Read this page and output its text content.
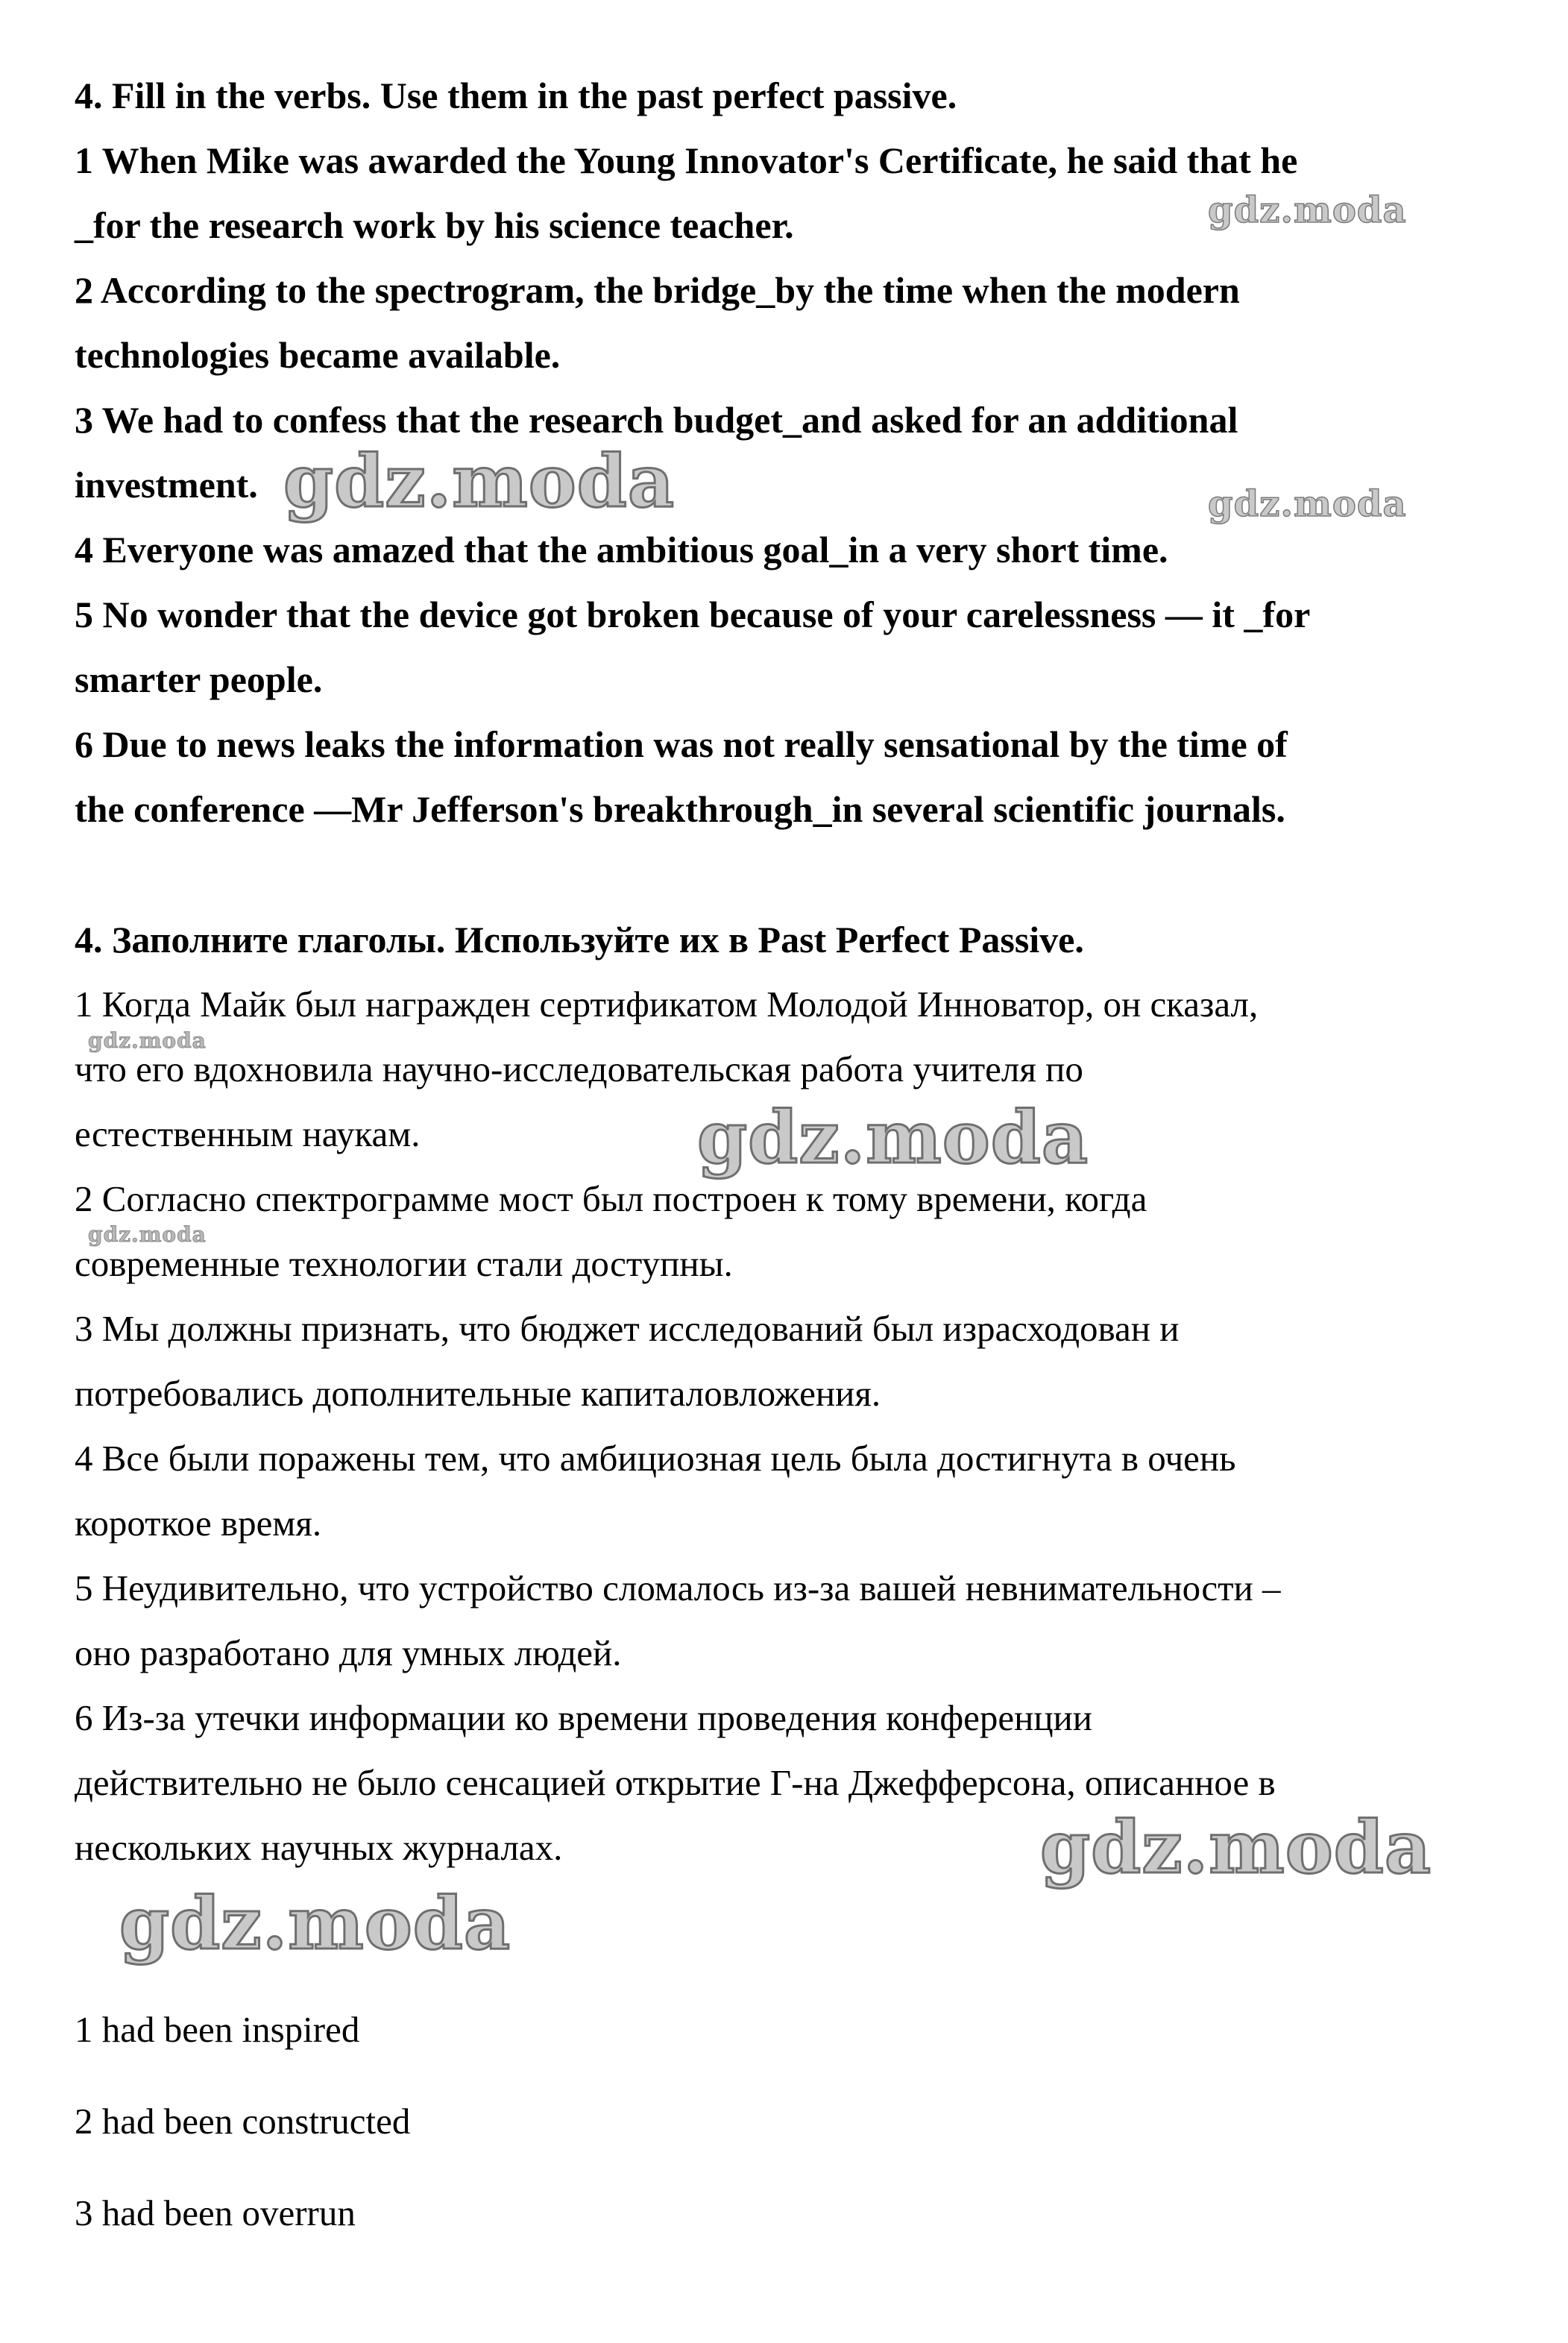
4. Fill in the verbs. Use them in the past perfect passive.
1 When Mike was awarded the Young Innovator's Certificate, he said that he
_for the research work by his science teacher.
2 According to the spectrogram, the bridge_by the time when the modern
technologies became available.
3 We had to confess that the research budget_and asked for an additional
investment.
4 Everyone was amazed that the ambitious goal_in a very short time.
5 No wonder that the device got broken because of your carelessness — it _for
smarter people.
6 Due to news leaks the information was not really sensational by the time of
the conference —Mr Jefferson's breakthrough_in several scientific journals.
4. Заполните глаголы. Используйте их в Past Perfect Passive.
1 Когда Майк был награжден сертификатом Молодой Инноватор, он сказал,
что его вдохновила научно-исследовательская работа учителя по
естественным наукам.
2 Согласно спектрограмме мост был построен к тому времени, когда
современные технологии стали доступны.
3 Мы должны признать, что бюджет исследований был израсходован и
потребовались дополнительные капиталовложения.
4 Все были поражены тем, что амбициозная цель была достигнута в очень
короткое время.
5 Неудивительно, что устройство сломалось из-за вашей невнимательности –
оно разработано для умных людей.
6 Из-за утечки информации ко времени проведения конференции
действительно не было сенсацией открытие Г-на Джефферсона, описанное в
нескольких научных журналах.
1 had been inspired
2 had been constructed
3 had been overrun
gdz.moda
gdz.moda	gdz.moda
gdz.moda
gdz.moda
gdz.moda
gdz.moda
gdz.moda
